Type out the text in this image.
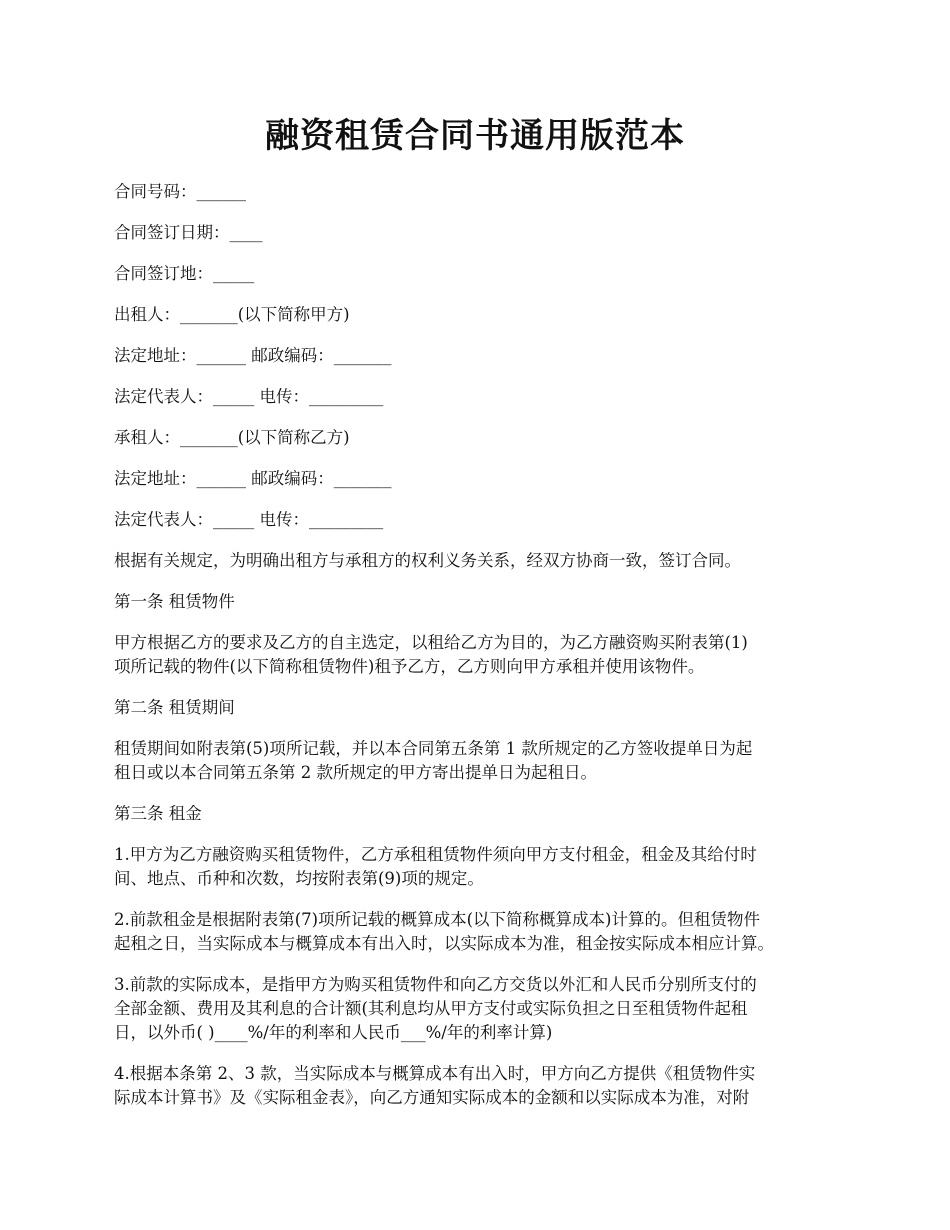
融资租赁合同书通用版范本

合同号码：______

合同签订日期：____

合同签订地：_____

出租人：_______(以下简称甲方)

法定地址：______ 邮政编码：_______

法定代表人：_____ 电传：_________

承租人：_______(以下简称乙方)

法定地址：______ 邮政编码：_______

法定代表人：_____ 电传：_________

根据有关规定，为明确出租方与承租方的权利义务关系，经双方协商一致，签订合同。

第一条 租赁物件

甲方根据乙方的要求及乙方的自主选定，以租给乙方为目的，为乙方融资购买附表第(1)
项所记载的物件(以下简称租赁物件)租予乙方，乙方则向甲方承租并使用该物件。

第二条 租赁期间

租赁期间如附表第(5)项所记载，并以本合同第五条第 1 款所规定的乙方签收提单日为起
租日或以本合同第五条第 2 款所规定的甲方寄出提单日为起租日。

第三条 租金

1.甲方为乙方融资购买租赁物件，乙方承租租赁物件须向甲方支付租金，租金及其给付时
间、地点、币种和次数，均按附表第(9)项的规定。

2.前款租金是根据附表第(7)项所记载的概算成本(以下简称概算成本)计算的。但租赁物件
起租之日，当实际成本与概算成本有出入时，以实际成本为准，租金按实际成本相应计算。

3.前款的实际成本，是指甲方为购买租赁物件和向乙方交货以外汇和人民币分别所支付的
全部金额、费用及其利息的合计额(其利息均从甲方支付或实际负担之日至租赁物件起租
日，以外币( )____%/年的利率和人民币___%/年的利率计算)

4.根据本条第 2、3 款，当实际成本与概算成本有出入时，甲方向乙方提供《租赁物件实
际成本计算书》及《实际租金表》，向乙方通知实际成本的金额和以实际成本为准，对附
